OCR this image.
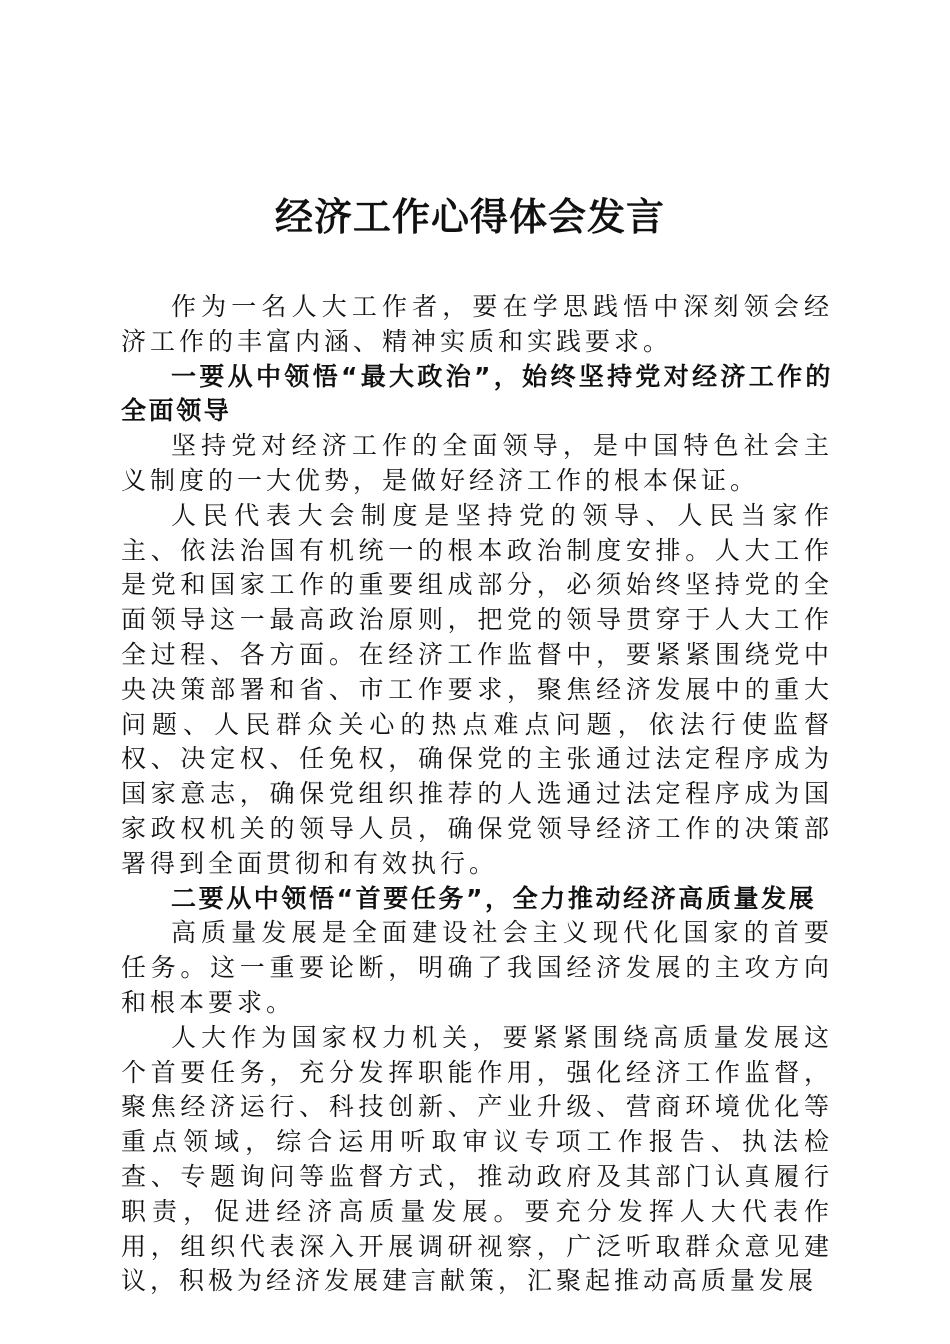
经济工作心得体会发言

作为一名人大工作者，要在学思践悟中深刻领会经济工作的丰富内涵、精神实质和实践要求。

一要从中领悟“最大政治”，始终坚持党对经济工作的全面领导

坚持党对经济工作的全面领导，是中国特色社会主义制度的一大优势，是做好经济工作的根本保证。

人民代表大会制度是坚持党的领导、人民当家作主、依法治国有机统一的根本政治制度安排。人大工作是党和国家工作的重要组成部分，必须始终坚持党的全面领导这一最高政治原则，把党的领导贯穿于人大工作全过程、各方面。在经济工作监督中，要紧紧围绕党中央决策部署和省、市工作要求，聚焦经济发展中的重大问题、人民群众关心的热点难点问题，依法行使监督权、决定权、任免权，确保党的主张通过法定程序成为国家意志，确保党组织推荐的人选通过法定程序成为国家政权机关的领导人员，确保党领导经济工作的决策部署得到全面贯彻和有效执行。

二要从中领悟“首要任务”，全力推动经济高质量发展

高质量发展是全面建设社会主义现代化国家的首要任务。这一重要论断，明确了我国经济发展的主攻方向和根本要求。

人大作为国家权力机关，要紧紧围绕高质量发展这个首要任务，充分发挥职能作用，强化经济工作监督，聚焦经济运行、科技创新、产业升级、营商环境优化等重点领域，综合运用听取审议专项工作报告、执法检查、专题询问等监督方式，推动政府及其部门认真履行职责，促进经济高质量发展。要充分发挥人大代表作用，组织代表深入开展调研视察，广泛听取群众意见建议，积极为经济发展建言献策，汇聚起推动高质量发展
